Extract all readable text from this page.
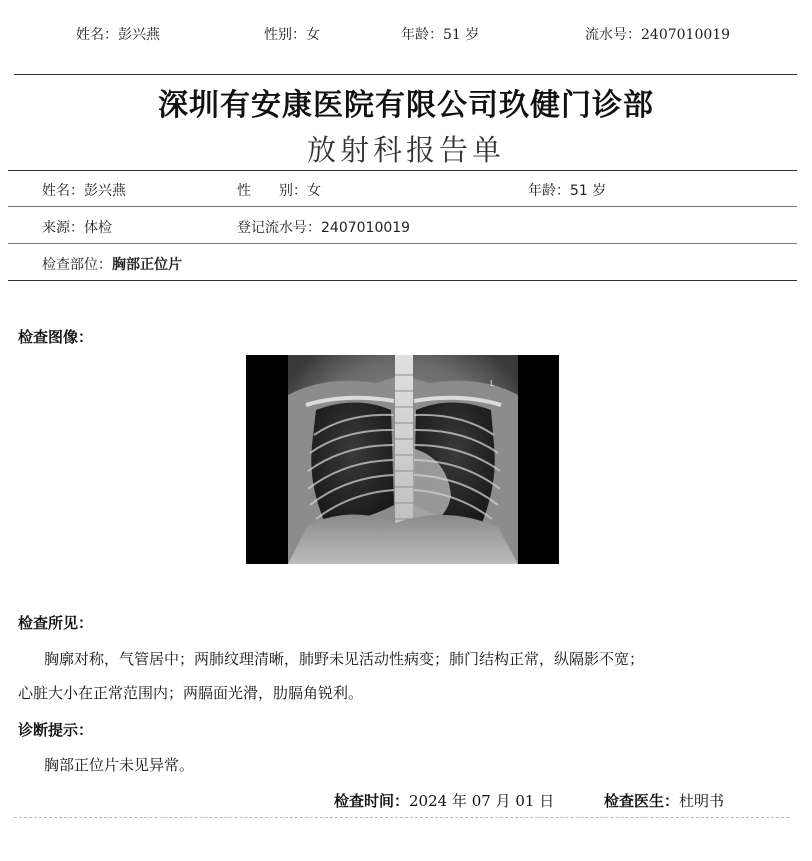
姓名：彭兴燕	性别：女	年龄：51 岁	流水号：2407010019
深圳有安康医院有限公司玖健门诊部
放射科报告单
姓名：彭兴燕	性　　别：女	年龄：51 岁
来源：体检	登记流水号：2407010019
检查部位：胸部正位片
检查图像：
L
检查所见：
胸廓对称，气管居中；两肺纹理清晰，肺野未见活动性病变；肺门结构正常，纵隔影不宽；
心脏大小在正常范围内；两膈面光滑，肋膈角锐利。
诊断提示：
胸部正位片未见异常。
检查时间：2024 年 07 月 01 日	检查医生：杜明书
